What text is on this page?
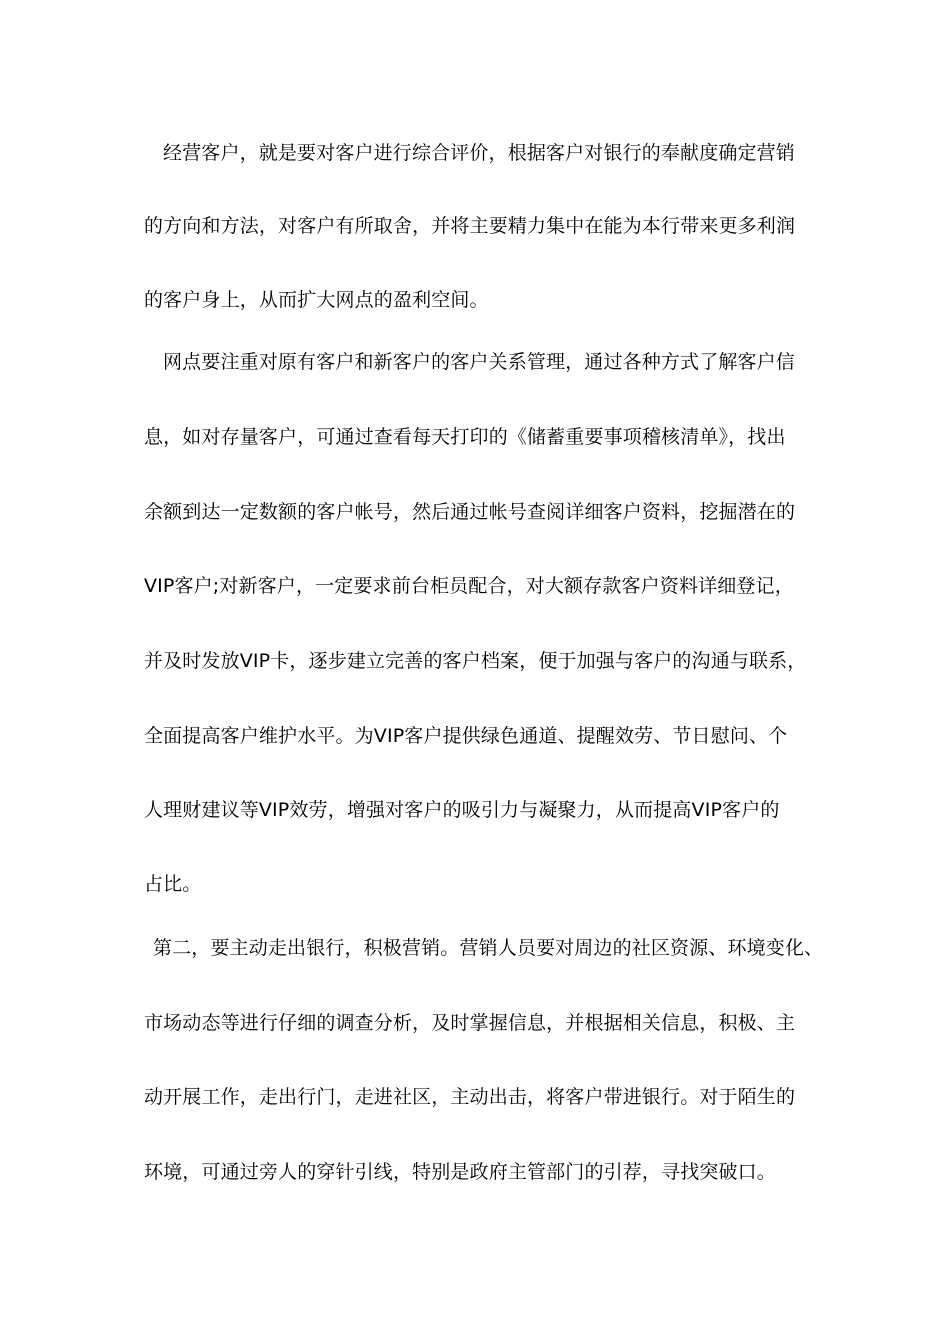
经营客户，就是要对客户进行综合评价，根据客户对银行的奉献度确定营销
的方向和方法，对客户有所取舍，并将主要精力集中在能为本行带来更多利润
的客户身上，从而扩大网点的盈利空间。
网点要注重对原有客户和新客户的客户关系管理，通过各种方式了解客户信
息，如对存量客户，可通过查看每天打印的《储蓄重要事项稽核清单》，找出
余额到达一定数额的客户帐号，然后通过帐号查阅详细客户资料，挖掘潜在的
VIP客户;对新客户，一定要求前台柜员配合，对大额存款客户资料详细登记，
并及时发放VIP卡，逐步建立完善的客户档案，便于加强与客户的沟通与联系，
全面提高客户维护水平。为VIP客户提供绿色通道、提醒效劳、节日慰问、个
人理财建议等VIP效劳，增强对客户的吸引力与凝聚力，从而提高VIP客户的
占比。
第二，要主动走出银行，积极营销。营销人员要对周边的社区资源、环境变化、
市场动态等进行仔细的调查分析，及时掌握信息，并根据相关信息，积极、主
动开展工作，走出行门，走进社区，主动出击，将客户带进银行。对于陌生的
环境，可通过旁人的穿针引线，特别是政府主管部门的引荐，寻找突破口。
